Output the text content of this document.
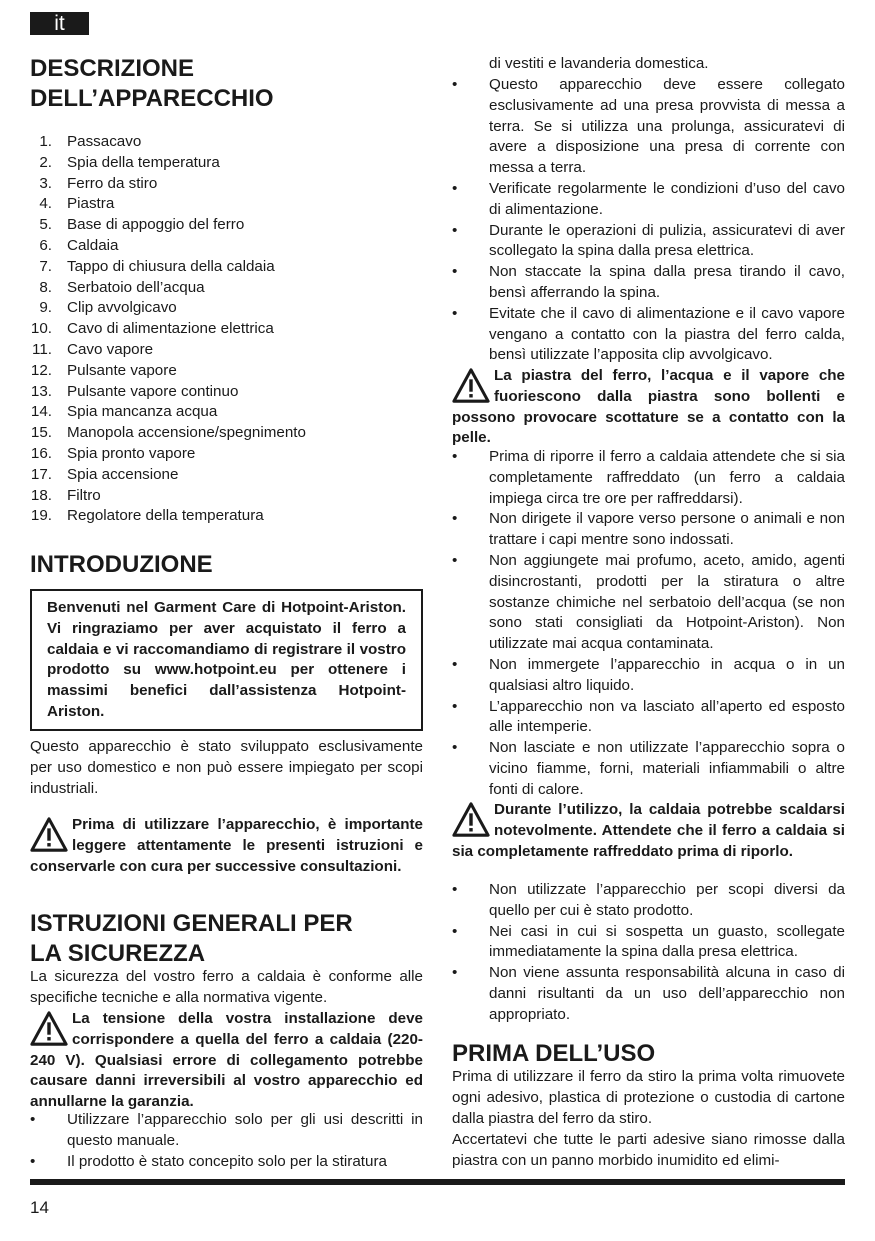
it
DESCRIZIONE
DELL’APPARECCHIO
1. Passacavo
2. Spia della temperatura
3. Ferro da stiro
4. Piastra
5. Base di appoggio del ferro
6. Caldaia
7. Tappo di chiusura della caldaia
8. Serbatoio dell’acqua
9. Clip avvolgicavo
10. Cavo di alimentazione elettrica
11. Cavo vapore
12. Pulsante vapore
13. Pulsante vapore continuo
14. Spia mancanza acqua
15. Manopola accensione/spegnimento
16. Spia pronto vapore
17. Spia accensione
18. Filtro
19. Regolatore della temperatura
INTRODUZIONE
Benvenuti nel Garment Care di Hotpoint-Ariston. Vi ringraziamo per aver acquistato il ferro a caldaia e vi raccomandiamo di registrare il vostro prodotto su www.hotpoint.eu per ottenere i massimi benefici dall’assistenza Hotpoint-Ariston.

Questo apparecchio è stato sviluppato esclusivamente per uso domestico e non può essere impiegato per scopi industriali.

Prima di utilizzare l’apparecchio, è importante leggere attentamente le presenti istruzioni e conservarle con cura per successive consultazioni.
ISTRUZIONI GENERALI PER
LA SICUREZZA

La sicurezza del vostro ferro a caldaia è conforme alle specifiche tecniche e alla normativa vigente.

La tensione della vostra installazione deve corrispondere a quella del ferro a caldaia (220-240 V). Qualsiasi errore di collegamento potrebbe causare danni irreversibili al vostro apparecchio ed annullarne la garanzia.
• Utilizzare l’apparecchio solo per gli usi descritti in questo manuale.
• Il prodotto è stato concepito solo per la stiratura

di vestiti e lavanderia domestica.

• Questo apparecchio deve essere collegato esclusivamente ad una presa provvista di messa a terra. Se si utilizza una prolunga, assicuratevi di avere a disposizione una presa di corrente con messa a terra.
• Verificate regolarmente le condizioni d’uso del cavo di alimentazione.
• Durante le operazioni di pulizia, assicuratevi di aver scollegato la spina dalla presa elettrica.
• Non staccate la spina dalla presa tirando il cavo, bensì afferrando la spina.
• Evitate che il cavo di alimentazione e il cavo vapore vengano a contatto con la piastra del ferro calda, bensì utilizzate l’apposita clip avvolgicavo.
La piastra del ferro, l’acqua e il vapore che fuoriescono dalla piastra sono bollenti e possono provocare scottature se a contatto con la pelle.
• Prima di riporre il ferro a caldaia attendete che si sia completamente raffreddato (un ferro a caldaia impiega circa tre ore per raffreddarsi).
• Non dirigete il vapore verso persone o animali e non trattare i capi mentre sono indossati.
• Non aggiungete mai profumo, aceto, amido, agenti disincrostanti, prodotti per la stiratura o altre sostanze chimiche nel serbatoio dell’acqua (se non sono stati consigliati da Hotpoint-Ariston). Non utilizzate mai acqua contaminata.
• Non immergete l’apparecchio in acqua o in un qualsiasi altro liquido.
• L’apparecchio non va lasciato all’aperto ed esposto alle intemperie.
• Non lasciate e non utilizzate l’apparecchio sopra o vicino fiamme, forni, materiali infiammabili o altre fonti di calore.
Durante l’utilizzo, la caldaia potrebbe scaldarsi notevolmente. Attendete che il ferro a caldaia si sia completamente raffreddato prima di riporlo.
• Non utilizzate l’apparecchio per scopi diversi da quello per cui è stato prodotto.
• Nei casi in cui si sospetta un guasto, scollegate immediatamente la spina dalla presa elettrica.
• Non viene assunta responsabilità alcuna in caso di danni risultanti da un uso dell’apparecchio non appropriato.
PRIMA DELL’USO

Prima di utilizzare il ferro da stiro la prima volta rimuovete ogni adesivo, plastica di protezione o custodia di cartone dalla piastra del ferro da stiro.

Accertatevi che tutte le parti adesive siano rimosse dalla piastra con un panno morbido inumidito ed elimi-

14
